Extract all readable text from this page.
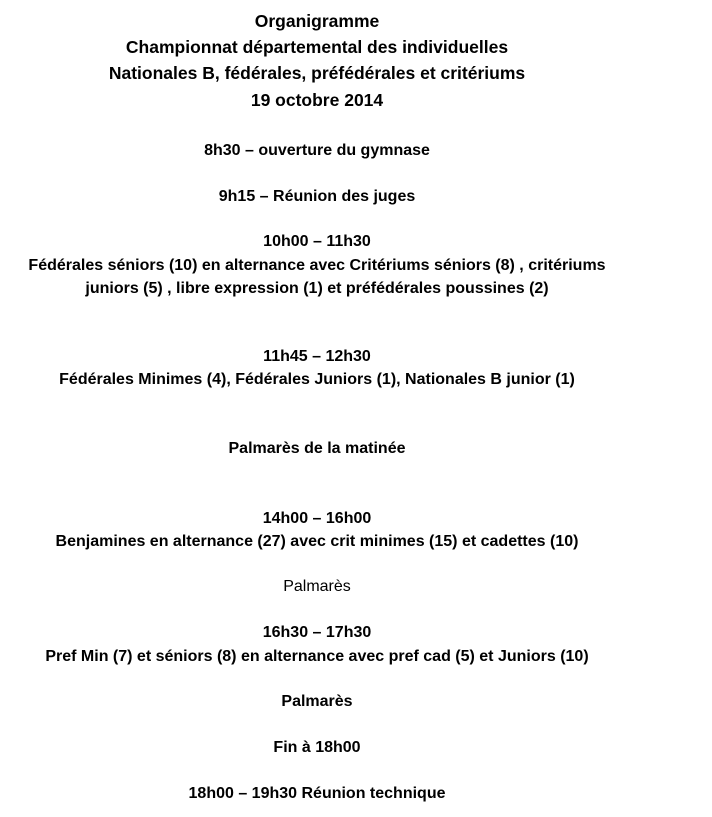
Organigramme
Championnat départemental des individuelles
Nationales B, fédérales, préfédérales et critériums
19 octobre 2014
8h30 – ouverture du gymnase
9h15 – Réunion des juges
10h00 – 11h30
Fédérales séniors (10) en alternance avec Critériums séniors (8) , critériums
juniors (5) , libre expression (1) et préfédérales poussines (2)
11h45 – 12h30
Fédérales Minimes (4), Fédérales Juniors (1), Nationales B junior (1)
Palmarès de la matinée
14h00 – 16h00
Benjamines en alternance (27) avec crit minimes (15) et cadettes (10)
Palmarès
16h30 – 17h30
Pref Min (7) et séniors (8) en alternance avec pref cad (5) et Juniors (10)
Palmarès
Fin à 18h00
18h00 – 19h30 Réunion technique
